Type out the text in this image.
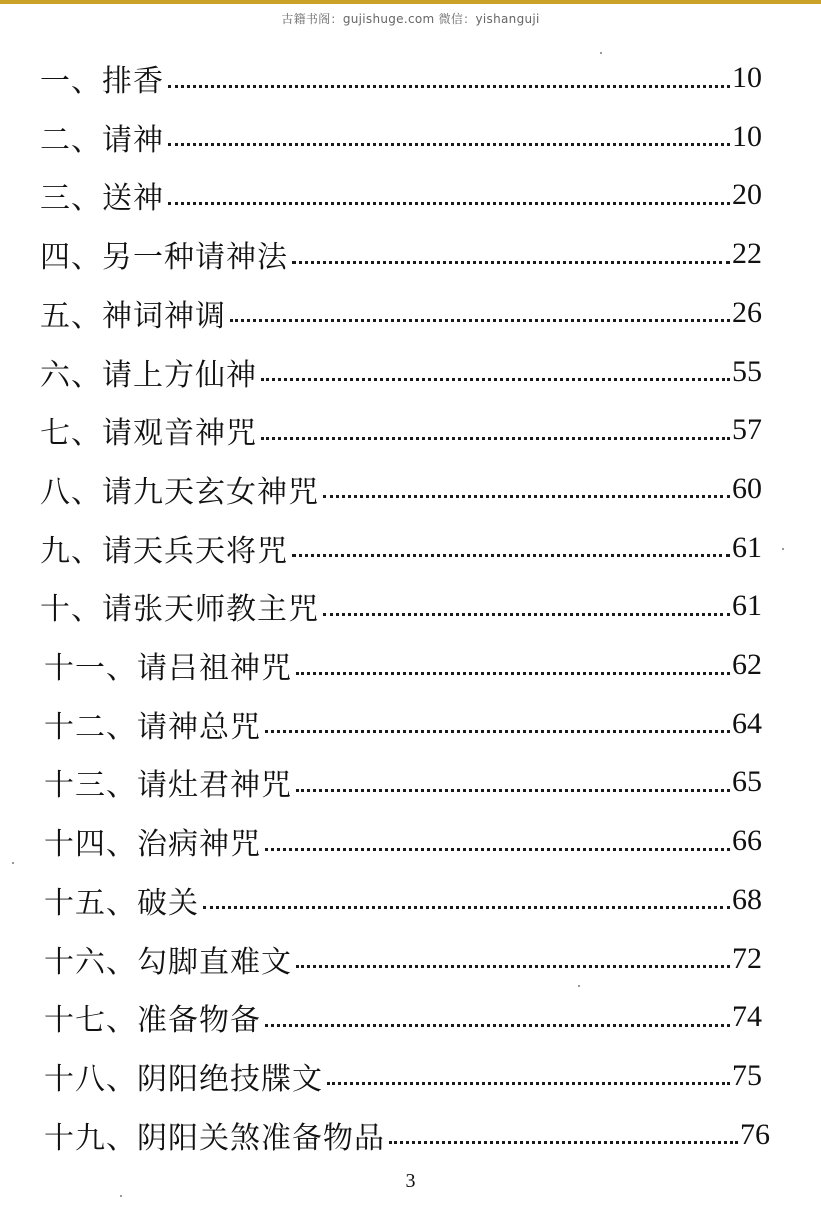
古籍书阁：gujishuge.com 微信：yishanguji
一、排香	10
二、请神	10
三、送神	20
四、另一种请神法	22
五、神词神调	26
六、请上方仙神	55
七、请观音神咒	57
八、请九天玄女神咒	60
九、请天兵天将咒	61
十、请张天师教主咒	61
十一、请吕祖神咒	62
十二、请神总咒	64
十三、请灶君神咒	65
十四、治病神咒	66
十五、破关	68
十六、勾脚直难文	72
十七、准备物备	74
十八、阴阳绝技牒文	75
十九、阴阳关煞准备物品	76
3
